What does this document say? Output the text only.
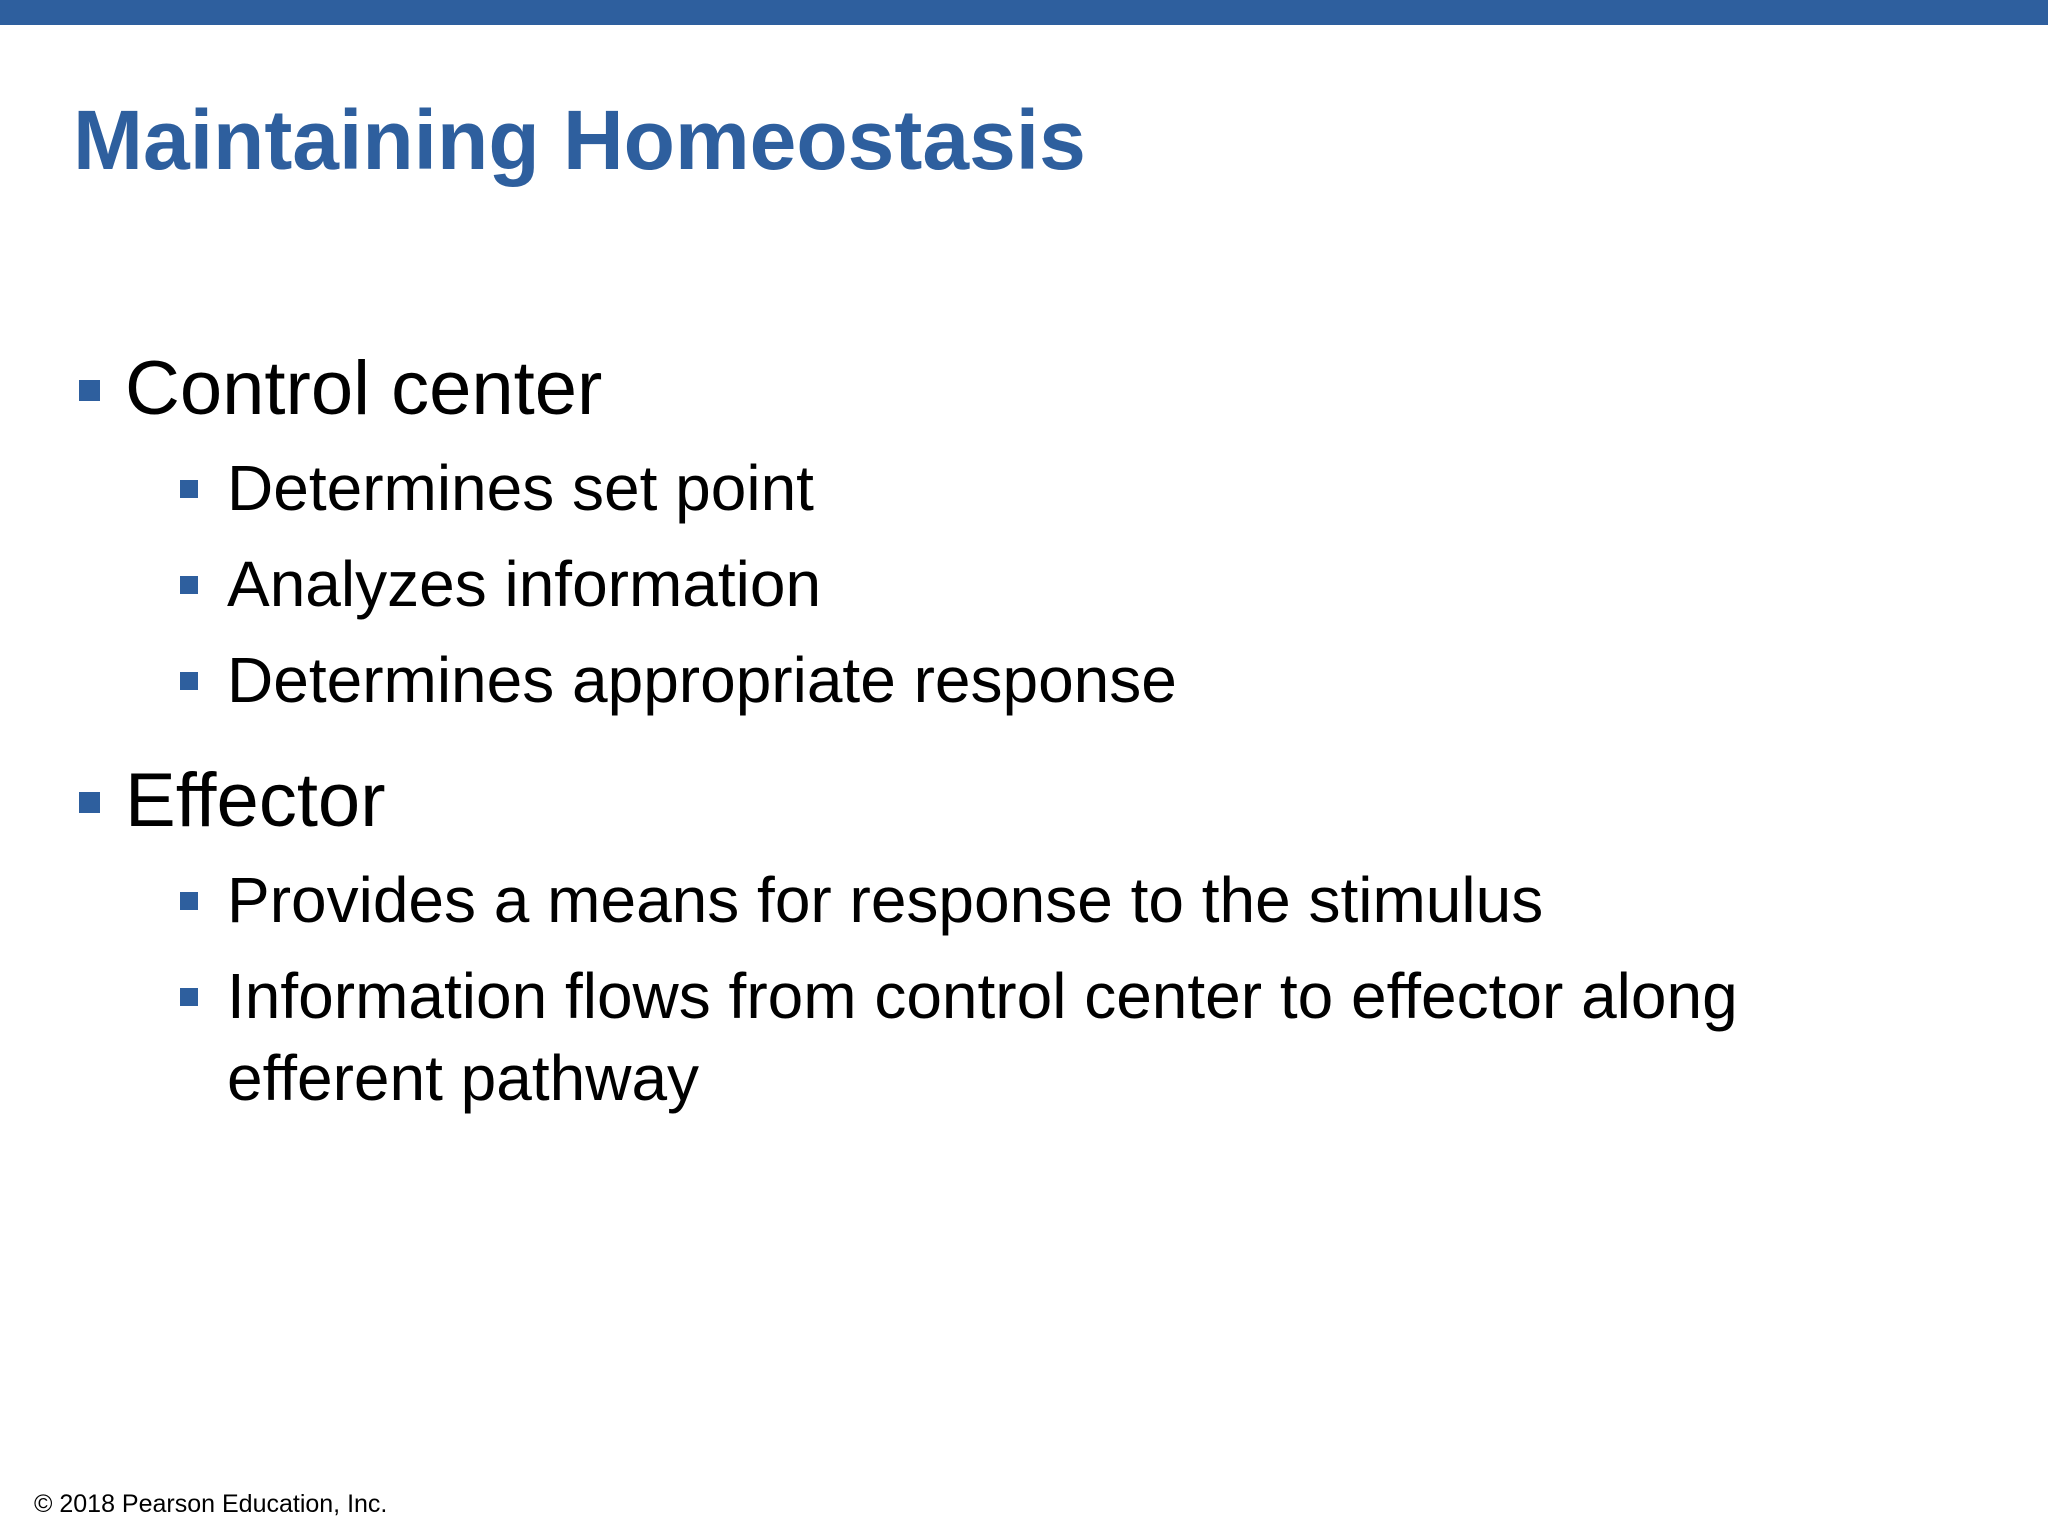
Maintaining Homeostasis
Control center
Determines set point
Analyzes information
Determines appropriate response
Effector
Provides a means for response to the stimulus
Information flows from control center to effector along
efferent pathway
© 2018 Pearson Education, Inc.
